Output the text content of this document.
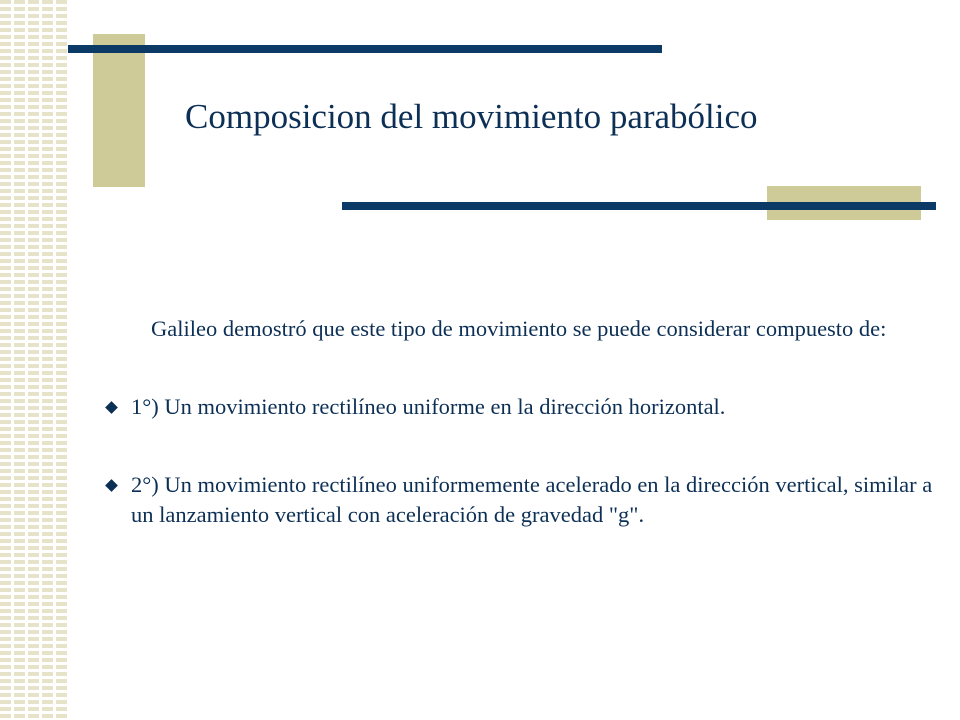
Composicion del movimiento parabólico

Galileo demostró que este tipo de movimiento se puede considerar compuesto de:

1°) Un movimiento rectilíneo uniforme en la dirección horizontal.
2°) Un movimiento rectilíneo uniformemente acelerado en la dirección vertical, similar a un lanzamiento vertical con aceleración de gravedad "g".
